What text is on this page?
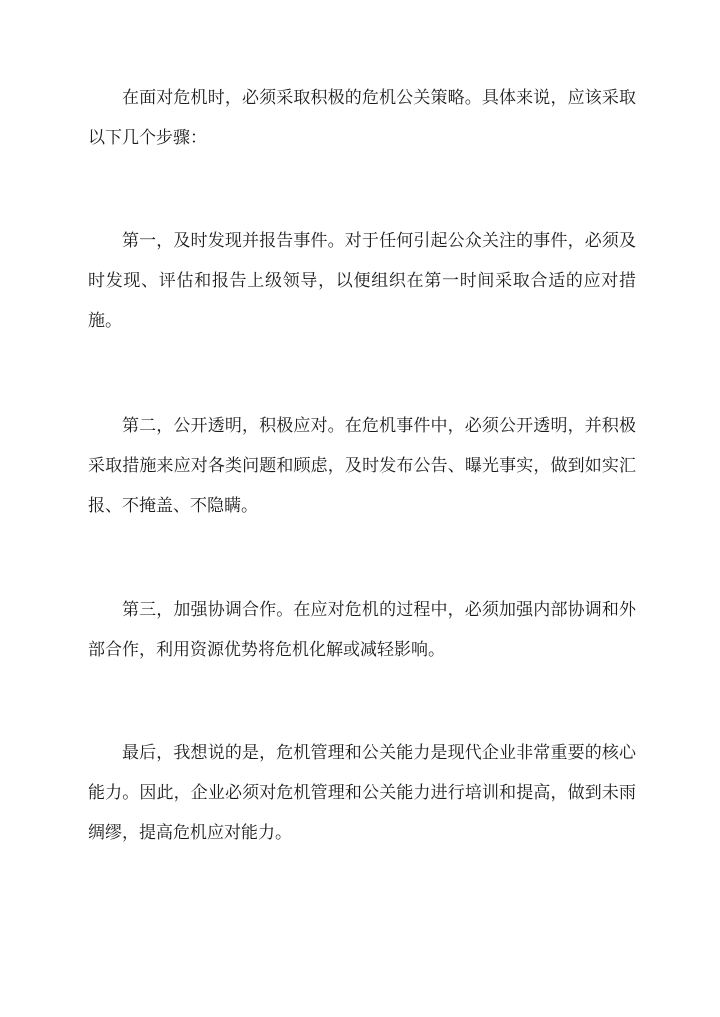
在面对危机时，必须采取积极的危机公关策略。具体来说，应该采取以下几个步骤：

第一，及时发现并报告事件。对于任何引起公众关注的事件，必须及时发现、评估和报告上级领导，以便组织在第一时间采取合适的应对措施。

第二，公开透明，积极应对。在危机事件中，必须公开透明，并积极采取措施来应对各类问题和顾虑，及时发布公告、曝光事实，做到如实汇报、不掩盖、不隐瞒。

第三，加强协调合作。在应对危机的过程中，必须加强内部协调和外部合作，利用资源优势将危机化解或减轻影响。

最后，我想说的是，危机管理和公关能力是现代企业非常重要的核心能力。因此，企业必须对危机管理和公关能力进行培训和提高，做到未雨绸缪，提高危机应对能力。
